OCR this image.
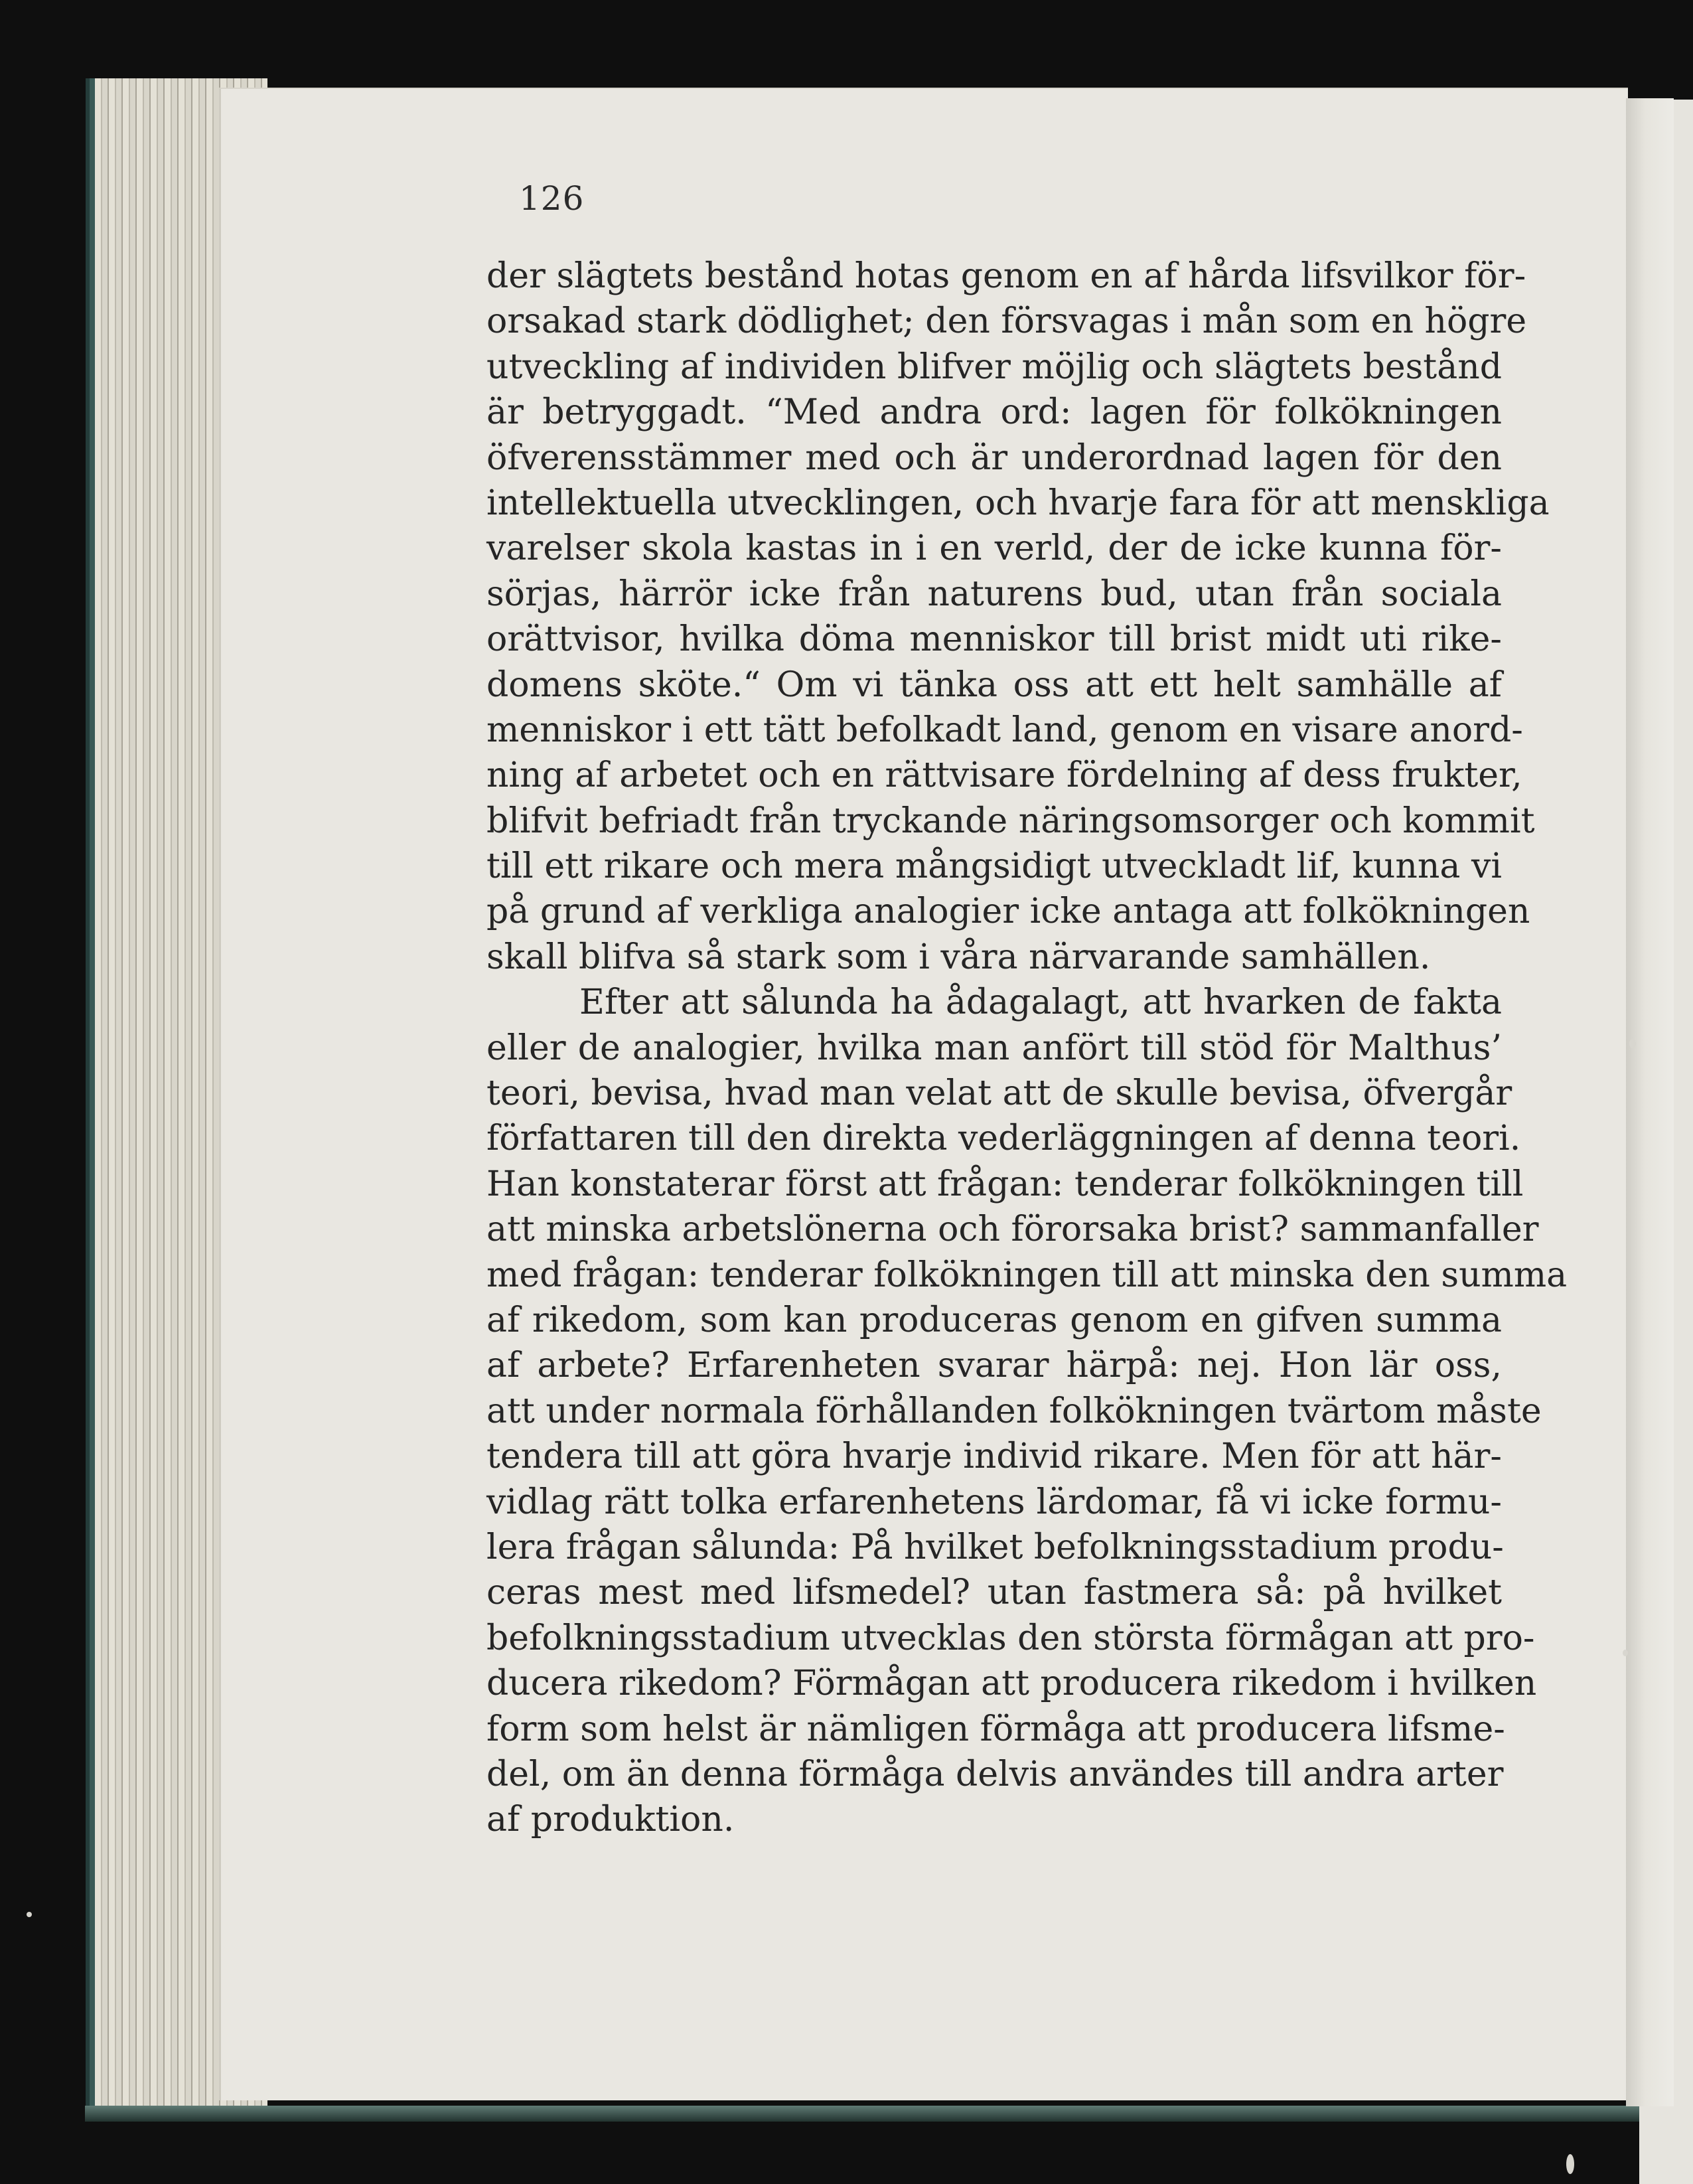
126
der slägtets bestånd hotas genom en af hårda lifsvilkor för-
orsakad stark dödlighet; den försvagas i mån som en högre
utveckling af individen blifver möjlig och slägtets bestånd
är betryggadt. “Med andra ord: lagen för folkökningen
öfverensstämmer med och är underordnad lagen för den
intellektuella utvecklingen, och hvarje fara för att menskliga
varelser skola kastas in i en verld, der de icke kunna för-
sörjas, härrör icke från naturens bud, utan från sociala
orättvisor, hvilka döma menniskor till brist midt uti rike-
domens sköte.“ Om vi tänka oss att ett helt samhälle af
menniskor i ett tätt befolkadt land, genom en visare anord-
ning af arbetet och en rättvisare fördelning af dess frukter,
blifvit befriadt från tryckande näringsomsorger och kommit
till ett rikare och mera mångsidigt utveckladt lif, kunna vi
på grund af verkliga analogier icke antaga att folkökningen
skall blifva så stark som i våra närvarande samhällen.
Efter att sålunda ha ådagalagt, att hvarken de fakta
eller de analogier, hvilka man anfört till stöd för Malthus’
teori, bevisa, hvad man velat att de skulle bevisa, öfvergår
författaren till den direkta vederläggningen af denna teori.
Han konstaterar först att frågan: tenderar folkökningen till
att minska arbetslönerna och förorsaka brist? sammanfaller
med frågan: tenderar folkökningen till att minska den summa
af rikedom, som kan produceras genom en gifven summa
af arbete? Erfarenheten svarar härpå: nej. Hon lär oss,
att under normala förhållanden folkökningen tvärtom måste
tendera till att göra hvarje individ rikare. Men för att här-
vidlag rätt tolka erfarenhetens lärdomar, få vi icke formu-
lera frågan sålunda: På hvilket befolkningsstadium produ-
ceras mest med lifsmedel? utan fastmera så: på hvilket
befolkningsstadium utvecklas den största förmågan att pro-
ducera rikedom? Förmågan att producera rikedom i hvilken
form som helst är nämligen förmåga att producera lifsme-
del, om än denna förmåga delvis användes till andra arter
af produktion.
